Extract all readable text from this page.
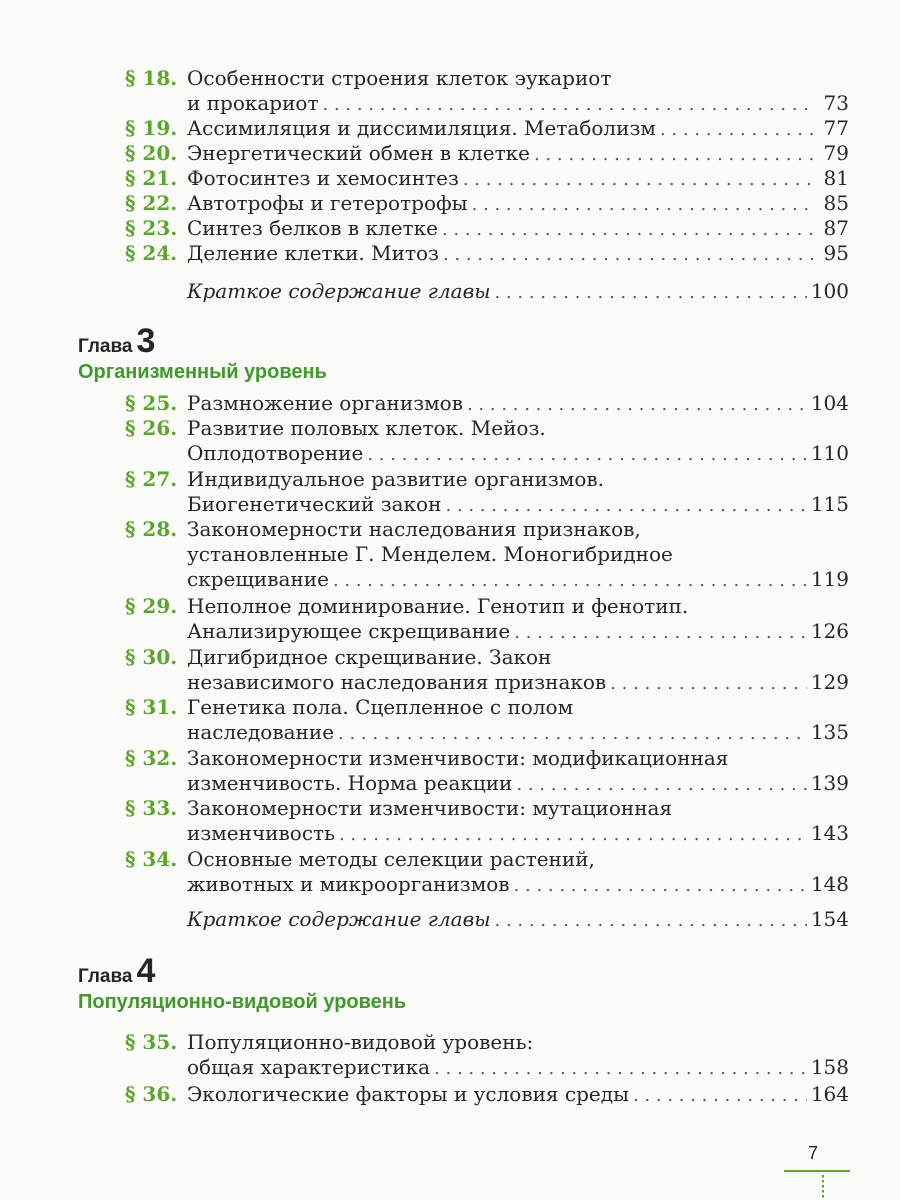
7
§ 18. Особенности строения клеток эукариот
и прокариот . . .	73
§ 19. Ассимиляция и диссимиляция. Метаболизм . . .	77
§ 20. Энергетический обмен в клетке . . .	79
§ 21. Фотосинтез и хемосинтез . . .	81
§ 22. Автотрофы и гетеротрофы . . .	85
§ 23. Синтез белков в клетке . . .	87
§ 24. Деление клетки. Митоз . . .	95
Краткое содержание главы . . .	100
Глава 3
Организменный уровень
§ 25. Размножение организмов . . .	104
§ 26. Развитие половых клеток. Мейоз.
Оплодотворение . . .	110
§ 27. Индивидуальное развитие организмов.
Биогенетический закон . . .	115
§ 28. Закономерности наследования признаков,
установленные Г. Менделем. Моногибридное
скрещивание . . .	119
§ 29. Неполное доминирование. Генотип и фенотип.
Анализирующее скрещивание . . .	126
§ 30. Дигибридное скрещивание. Закон
независимого наследования признаков . . .	129
§ 31. Генетика пола. Сцепленное с полом
наследование . . .	135
§ 32. Закономерности изменчивости: модификационная
изменчивость. Норма реакции . . .	139
§ 33. Закономерности изменчивости: мутационная
изменчивость . . .	143
§ 34. Основные методы селекции растений,
животных и микроорганизмов . . .	148
Краткое содержание главы . . .	154
Глава 4
Популяционно-видовой уровень
§ 35. Популяционно-видовой уровень:
общая характеристика . . .	158
§ 36. Экологические факторы и условия среды . . .	164
